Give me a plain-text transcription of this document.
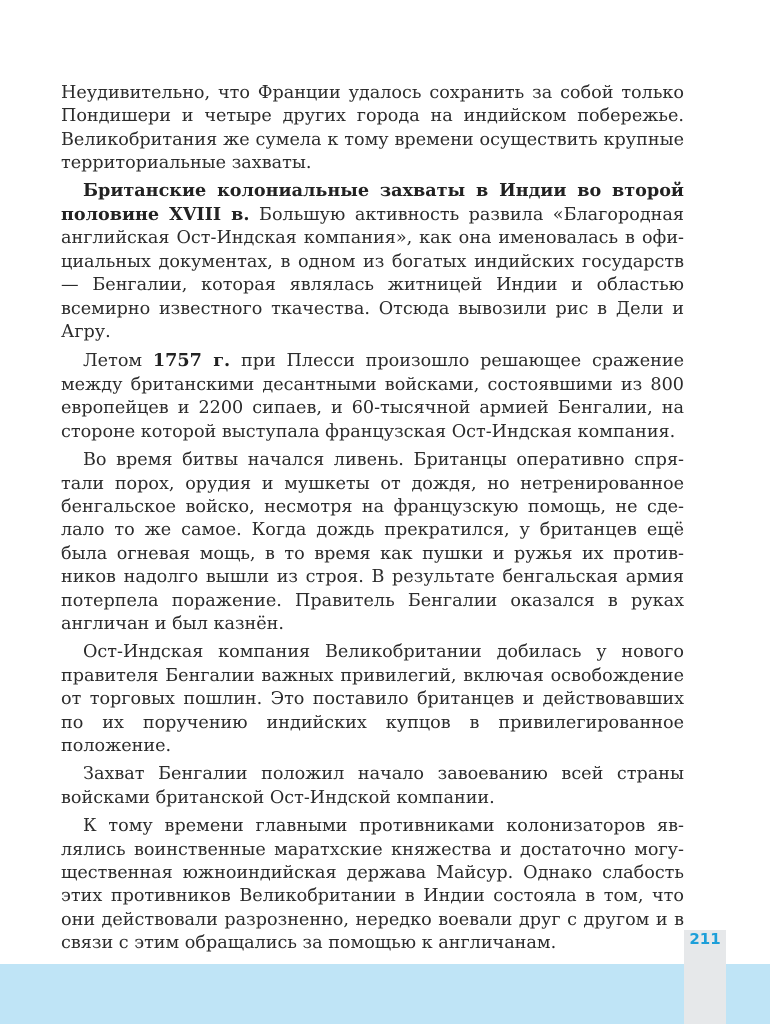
Неудивительно, что Франции удалось сохранить за собой только Пондишери и четыре других города на индийском побережье. Великобритания же сумела к тому времени осуществить крупные территориальные захваты.

Британские колониальные захваты в Индии во второй половине XVIII в. Большую активность развила «Благородная английская Ост-Индская компания», как она именовалась в официальных документах, в одном из богатых индийских государств — Бенгалии, которая являлась житницей Индии и областью всемирно известного ткачества. Отсюда вывозили рис в Дели и Агру.

Летом 1757 г. при Плесси произошло решающее сражение между британскими десантными войсками, состоявшими из 800 европейцев и 2200 сипаев, и 60-тысячной армией Бенгалии, на стороне которой выступала французская Ост-Индская компания.

Во время битвы начался ливень. Британцы оперативно спрятали порох, орудия и мушкеты от дождя, но нетренированное бенгальское войско, несмотря на французскую помощь, не сделало то же самое. Когда дождь прекратился, у британцев ещё была огневая мощь, в то время как пушки и ружья их противников надолго вышли из строя. В результате бенгальская армия потерпела поражение. Правитель Бенгалии оказался в руках англичан и был казнён.

Ост-Индская компания Великобритании добилась у нового правителя Бенгалии важных привилегий, включая освобождение от торговых пошлин. Это поставило британцев и действовавших по их поручению индийских купцов в привилегированное положение.

Захват Бенгалии положил начало завоеванию всей страны войсками британской Ост-Индской компании.

К тому времени главными противниками колонизаторов являлись воинственные маратхские княжества и достаточно могущественная южноиндийская держава Майсур. Однако слабость этих противников Великобритании в Индии состояла в том, что они действовали разрозненно, нередко воевали друг с другом и в связи с этим обращались за помощью к англичанам.	211
